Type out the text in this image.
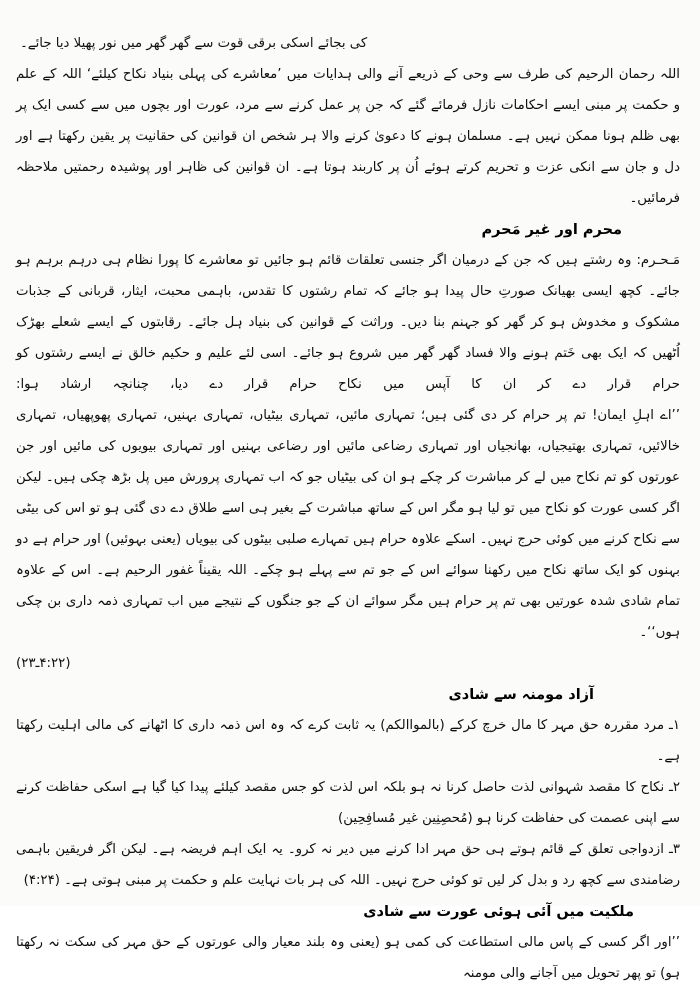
کی بجائے اسکی برقی قوت سے گھر گھر میں نور پھیلا دیا جائے۔

اللہ رحمان الرحیم کی طرف سے وحی کے ذریعے آنے والی ہدایات میں ’معاشرے کی پہلی بنیاد نکاح کیلئے‘ اللہ کے علم و حکمت پر مبنی ایسے احکامات نازل فرمائے گئے کہ جن پر عمل کرنے سے مرد، عورت اور بچوں میں سے کسی ایک پر بھی ظلم ہونا ممکن نہیں ہے۔ مسلمان ہونے کا دعویٰ کرنے والا ہر شخص ان قوانین کی حقانیت پر یقین رکھتا ہے اور دل و جان سے انکی عزت و تحریم کرتے ہوئے اُن پر کاربند ہوتا ہے۔ ان قوانین کی ظاہر اور پوشیدہ رحمتیں ملاحظہ فرمائیں۔

محرم اور غیر مَحرم

مَـحـرم: وہ رشتے ہیں کہ جن کے درمیان اگر جنسی تعلقات قائم ہو جائیں تو معاشرے کا پورا نظام ہی درہم برہم ہو جائے۔ کچھ ایسی بھیانک صورتِ حال پیدا ہو جائے کہ تمام رشتوں کا تقدس، باہمی محبت، ایثار، قربانی کے جذبات مشکوک و مخدوش ہو کر گھر کو جہنم بنا دیں۔ وراثت کے قوانین کی بنیاد ہل جائے۔ رقابتوں کے ایسے شعلے بھڑک اُٹھیں کہ ایک بھی خَتم ہونے والا فساد گھر گھر میں شروع ہو جائے۔ اسی لئے علیم و حکیم خالق نے ایسے رشتوں کو حرام قرار دے کر ان کا آپس میں نکاح حرام قرار دے دیا، چنانچہ ارشاد ہوا:

’’اے اہلِ ایمان! تم پر حرام کر دی گئی ہیں؛ تمہاری مائیں، تمہاری بیٹیاں، تمہاری بہنیں، تمہاری پھوپھیاں، تمہاری خالائیں، تمہاری بھتیجیاں، بھانجیاں اور تمہاری رضاعی مائیں اور رضاعی بہنیں اور تمہاری بیویوں کی مائیں اور جن عورتوں کو تم نکاح میں لے کر مباشرت کر چکے ہو ان کی بیٹیاں جو کہ اب تمہاری پرورش میں پل بڑھ چکی ہیں۔ لیکن اگر کسی عورت کو نکاح میں تو لیا ہو مگر اس کے ساتھ مباشرت کے بغیر ہی اسے طلاق دے دی گئی ہو تو اس کی بیٹی سے نکاح کرنے میں کوئی حرج نہیں۔ اسکے علاوہ حرام ہیں تمہارے صلبی بیٹوں کی بیویاں (یعنی بہوئیں) اور حرام ہے دو بہنوں کو ایک ساتھ نکاح میں رکھنا سوائے اس کے جو تم سے پہلے ہو چکے۔ اللہ یقیناً غفور الرحیم ہے۔ اس کے علاوہ تمام شادی شدہ عورتیں بھی تم پر حرام ہیں مگر سوائے ان کے جو جنگوں کے نتیجے میں اب تمہاری ذمہ داری بن چکی ہوں‘‘۔

(۴:۲۲ـ۲۳)

آزاد مومنہ سے شادی
۱ـ مرد مقررہ حق مہر کا مال خرچ کرکے (بالمواالکم) یہ ثابت کرے کہ وہ اس ذمہ داری کا اٹھانے کی مالی اہلیت رکھتا ہے۔
۲ـ نکاح کا مقصد شہوانی لذت حاصل کرنا نہ ہو بلکہ اس لذت کو جس مقصد کیلئے پیدا کیا گیا ہے اسکی حفاظت کرنے سے اپنی عصمت کی حفاظت کرنا ہو (مُحصِنِین غیر مُسافِحِین)
۳ـ ازدواجی تعلق کے قائم ہوتے ہی حق مہر ادا کرنے میں دیر نہ کرو۔ یہ ایک اہم فریضہ ہے۔ لیکن اگر فریقین باہمی رضامندی سے کچھ رد و بدل کر لیں تو کوئی حرج نہیں۔ اللہ کی ہر بات نہایت علم و حکمت پر مبنی ہوتی ہے۔ (۴:۲۴)
ملکیت میں آئی ہوئی عورت سے شادی

’’اور اگر کسی کے پاس مالی استطاعت کی کمی ہو (یعنی وہ بلند معیار والی عورتوں کے حق مہر کی سکت نہ رکھتا ہو) تو پھر تحویل میں آجانے والی مومنہ
